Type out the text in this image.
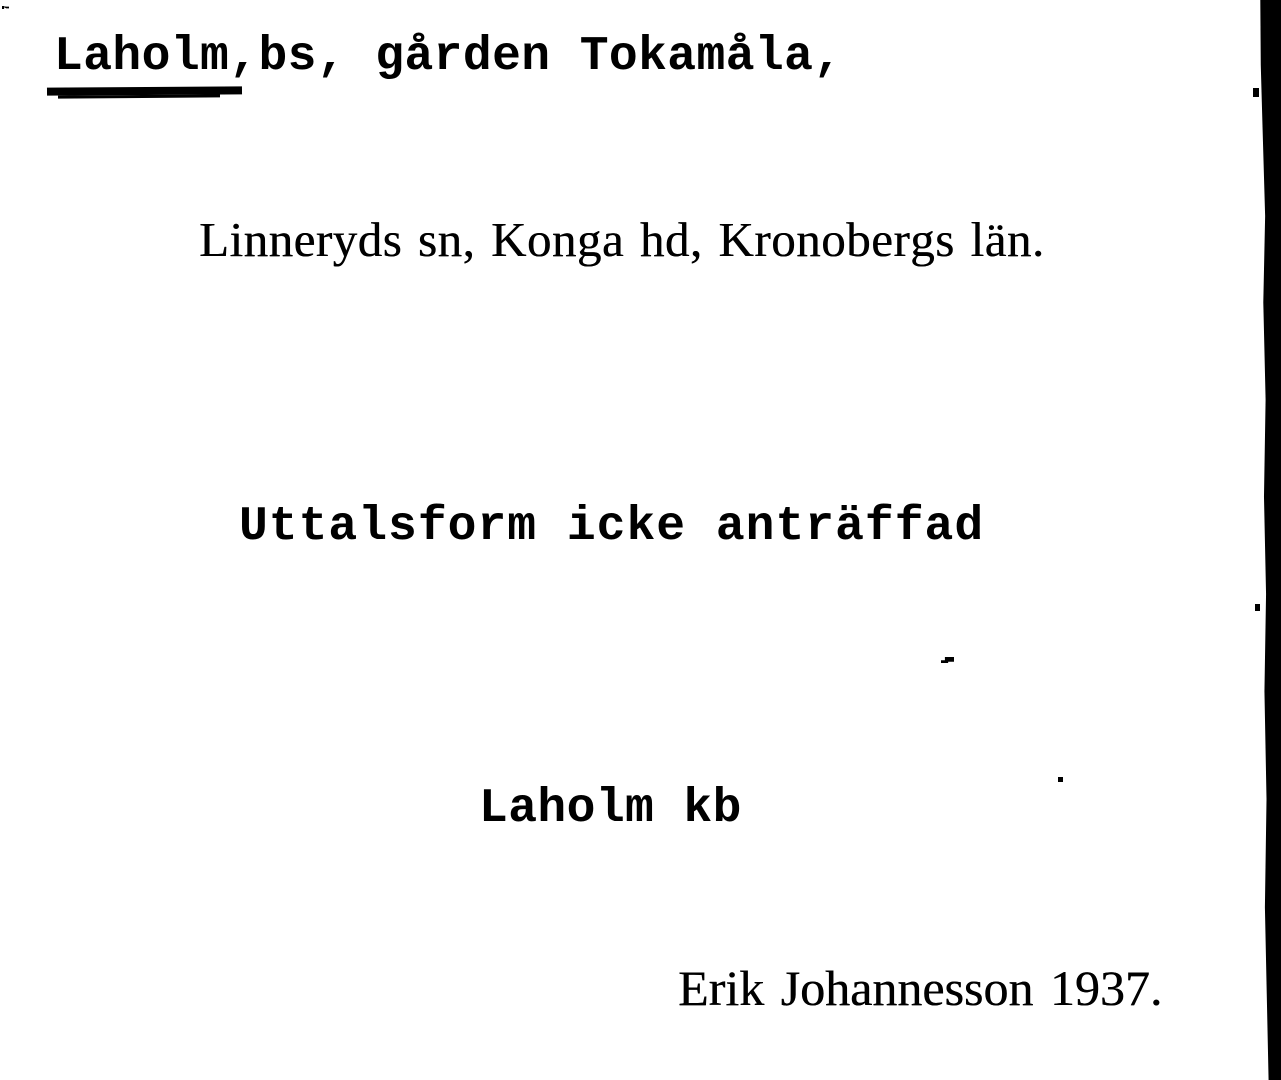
Laholm,bs, gården Tokamåla,
Linneryds sn, Konga hd, Kronobergs län.
Uttalsform icke anträffad
Laholm kb
Erik Johannesson 1937.
